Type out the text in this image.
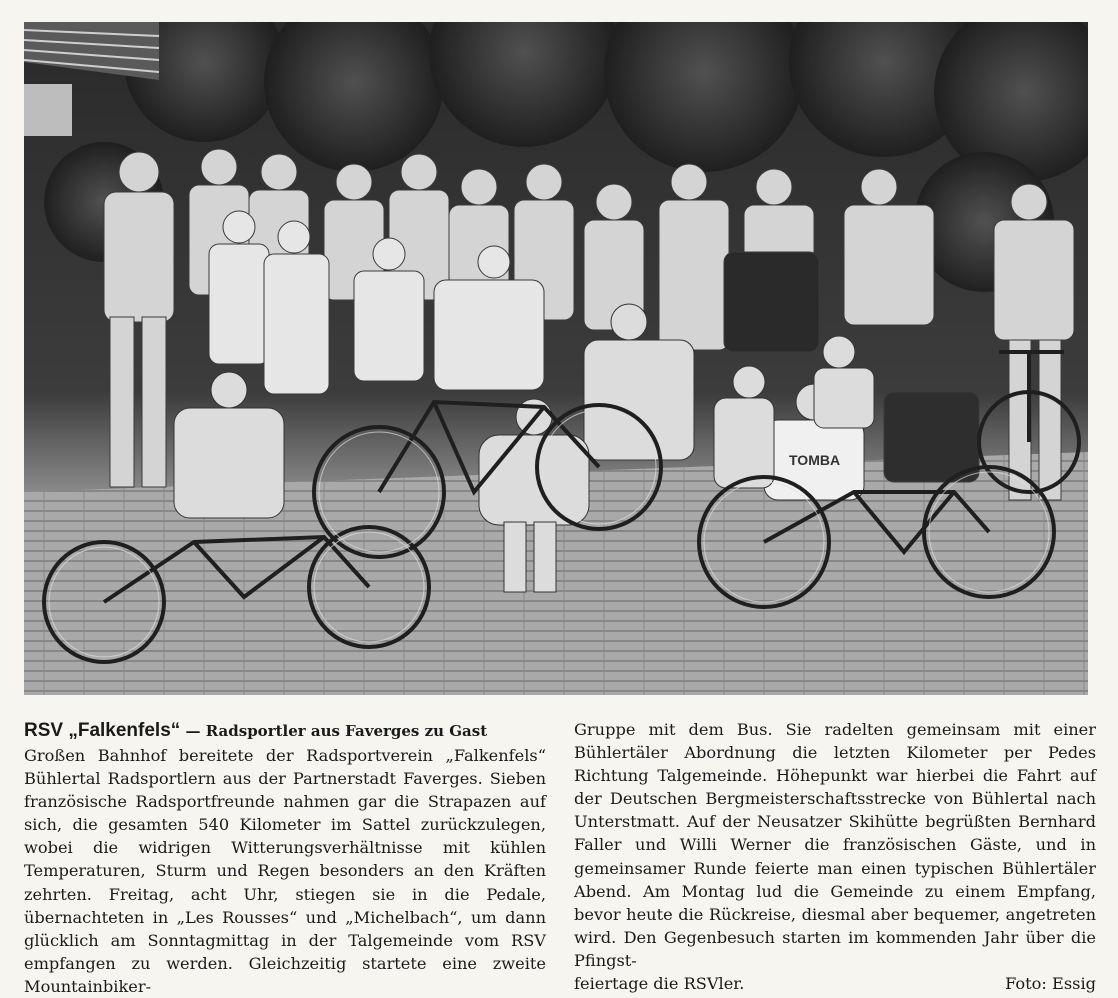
TOMBA
RSV „Falkenfels“ — Radsportler aus Faverges zu Gast
Großen Bahnhof bereitete der Radsportverein „Falkenfels“ Bühlertal Radsportlern aus der Partnerstadt Faverges. Sieben französische Radsportfreunde nahmen gar die Strapazen auf sich, die gesamten 540 Kilometer im Sattel zurückzulegen, wobei die widrigen Witterungsverhältnisse mit kühlen Temperaturen, Sturm und Regen besonders an den Kräften zehrten. Freitag, acht Uhr, stiegen sie in die Pedale, übernachteten in „Les Rousses“ und „Michelbach“, um dann glücklich am Sonntagmittag in der Talgemeinde vom RSV empfangen zu werden. Gleichzeitig startete eine zweite Mountainbiker-
Gruppe mit dem Bus. Sie radelten gemeinsam mit einer Bühlertäler Abordnung die letzten Kilometer per Pedes Richtung Talgemeinde. Höhepunkt war hierbei die Fahrt auf der Deutschen Bergmeisterschaftsstrecke von Bühlertal nach Unterstmatt. Auf der Neusatzer Skihütte begrüßten Bernhard Faller und Willi Werner die französischen Gäste, und in gemeinsamer Runde feierte man einen typischen Bühlertäler Abend. Am Montag lud die Gemeinde zu einem Empfang, bevor heute die Rückreise, diesmal aber bequemer, angetreten wird. Den Gegenbesuch starten im kommenden Jahr über die Pfingst-
feiertage die RSVler.	Foto: Essig
